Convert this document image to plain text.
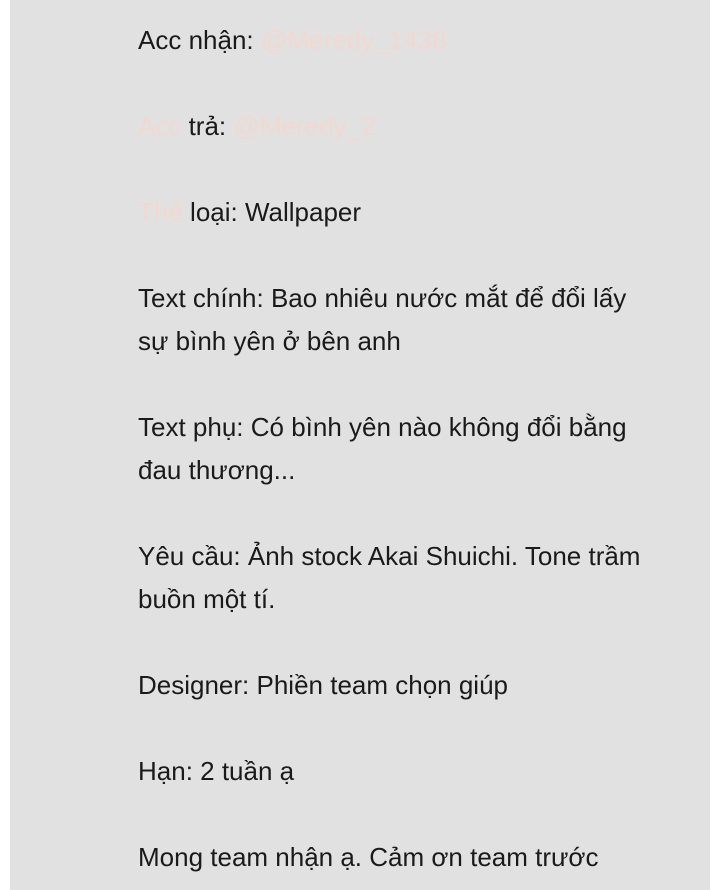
Acc nhận: @Meredy_1438
Acc trả: @Meredy_2
Thể loại: Wallpaper
Text chính: Bao nhiêu nước mắt để đổi lấy
sự bình yên ở bên anh
Text phụ: Có bình yên nào không đổi bằng
đau thương...
Yêu cầu: Ảnh stock Akai Shuichi. Tone trầm
buồn một tí.
Designer: Phiền team chọn giúp
Hạn: 2 tuần ạ
Mong team nhận ạ. Cảm ơn team trước
